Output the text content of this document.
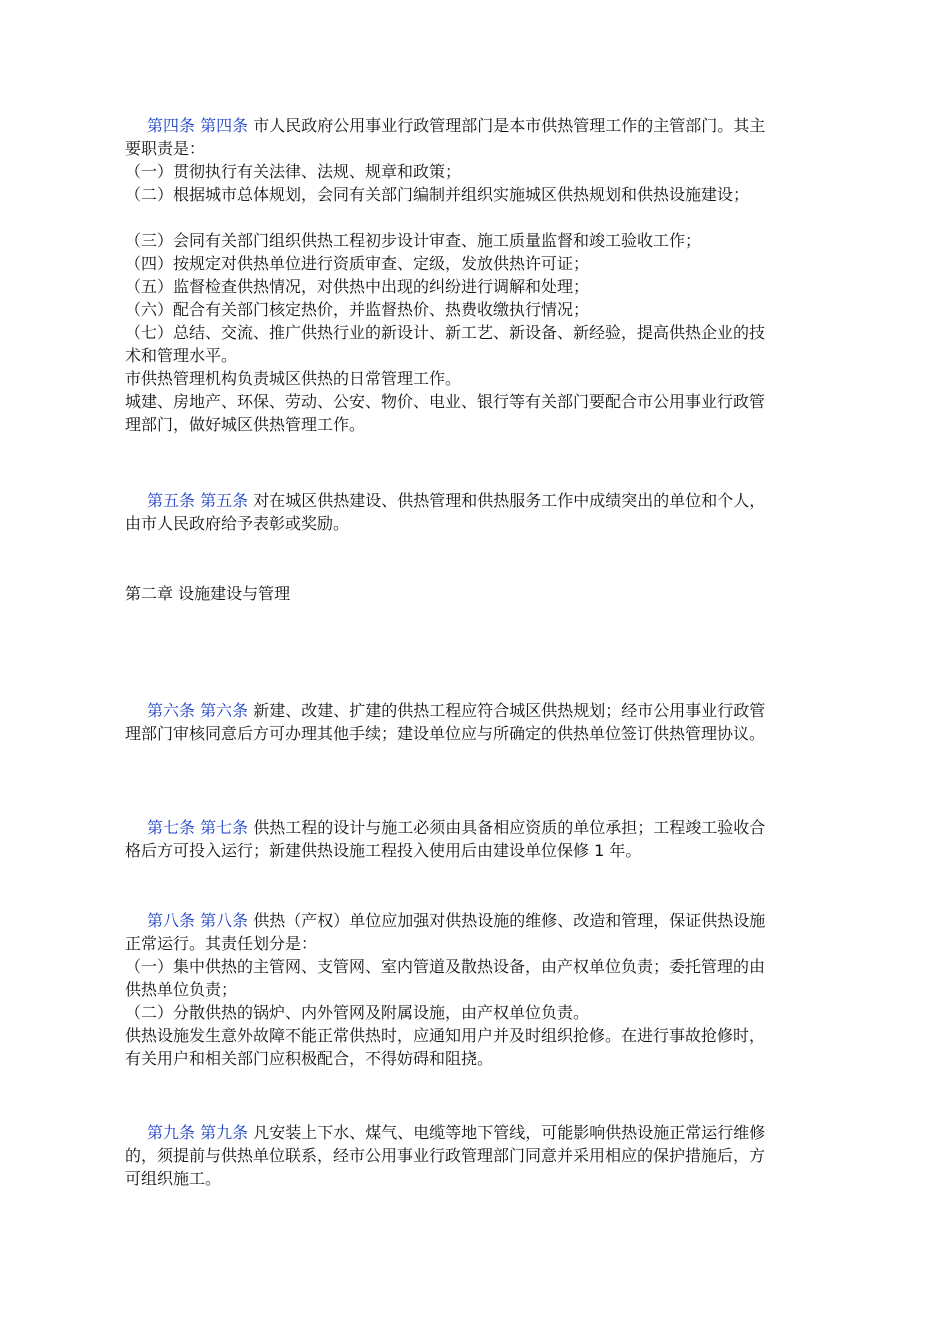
第四条 第四条 市人民政府公用事业行政管理部门是本市供热管理工作的主管部门。其主
要职责是：
（一）贯彻执行有关法律、法规、规章和政策；
（二）根据城市总体规划，会同有关部门编制并组织实施城区供热规划和供热设施建设；
（三）会同有关部门组织供热工程初步设计审查、施工质量监督和竣工验收工作；
（四）按规定对供热单位进行资质审查、定级，发放供热许可证；
（五）监督检查供热情况，对供热中出现的纠纷进行调解和处理；
（六）配合有关部门核定热价，并监督热价、热费收缴执行情况；
（七）总结、交流、推广供热行业的新设计、新工艺、新设备、新经验，提高供热企业的技
术和管理水平。
市供热管理机构负责城区供热的日常管理工作。
城建、房地产、环保、劳动、公安、物价、电业、银行等有关部门要配合市公用事业行政管
理部门，做好城区供热管理工作。
第五条 第五条 对在城区供热建设、供热管理和供热服务工作中成绩突出的单位和个人，
由市人民政府给予表彰或奖励。
第二章 设施建设与管理
第六条 第六条 新建、改建、扩建的供热工程应符合城区供热规划；经市公用事业行政管
理部门审核同意后方可办理其他手续；建设单位应与所确定的供热单位签订供热管理协议。
第七条 第七条 供热工程的设计与施工必须由具备相应资质的单位承担；工程竣工验收合
格后方可投入运行；新建供热设施工程投入使用后由建设单位保修 1 年。
第八条 第八条 供热（产权）单位应加强对供热设施的维修、改造和管理，保证供热设施
正常运行。其责任划分是：
（一）集中供热的主管网、支管网、室内管道及散热设备，由产权单位负责；委托管理的由
供热单位负责；
（二）分散供热的锅炉、内外管网及附属设施，由产权单位负责。
供热设施发生意外故障不能正常供热时，应通知用户并及时组织抢修。在进行事故抢修时，
有关用户和相关部门应积极配合，不得妨碍和阻挠。
第九条 第九条 凡安装上下水、煤气、电缆等地下管线，可能影响供热设施正常运行维修
的，须提前与供热单位联系，经市公用事业行政管理部门同意并采用相应的保护措施后，方
可组织施工。
